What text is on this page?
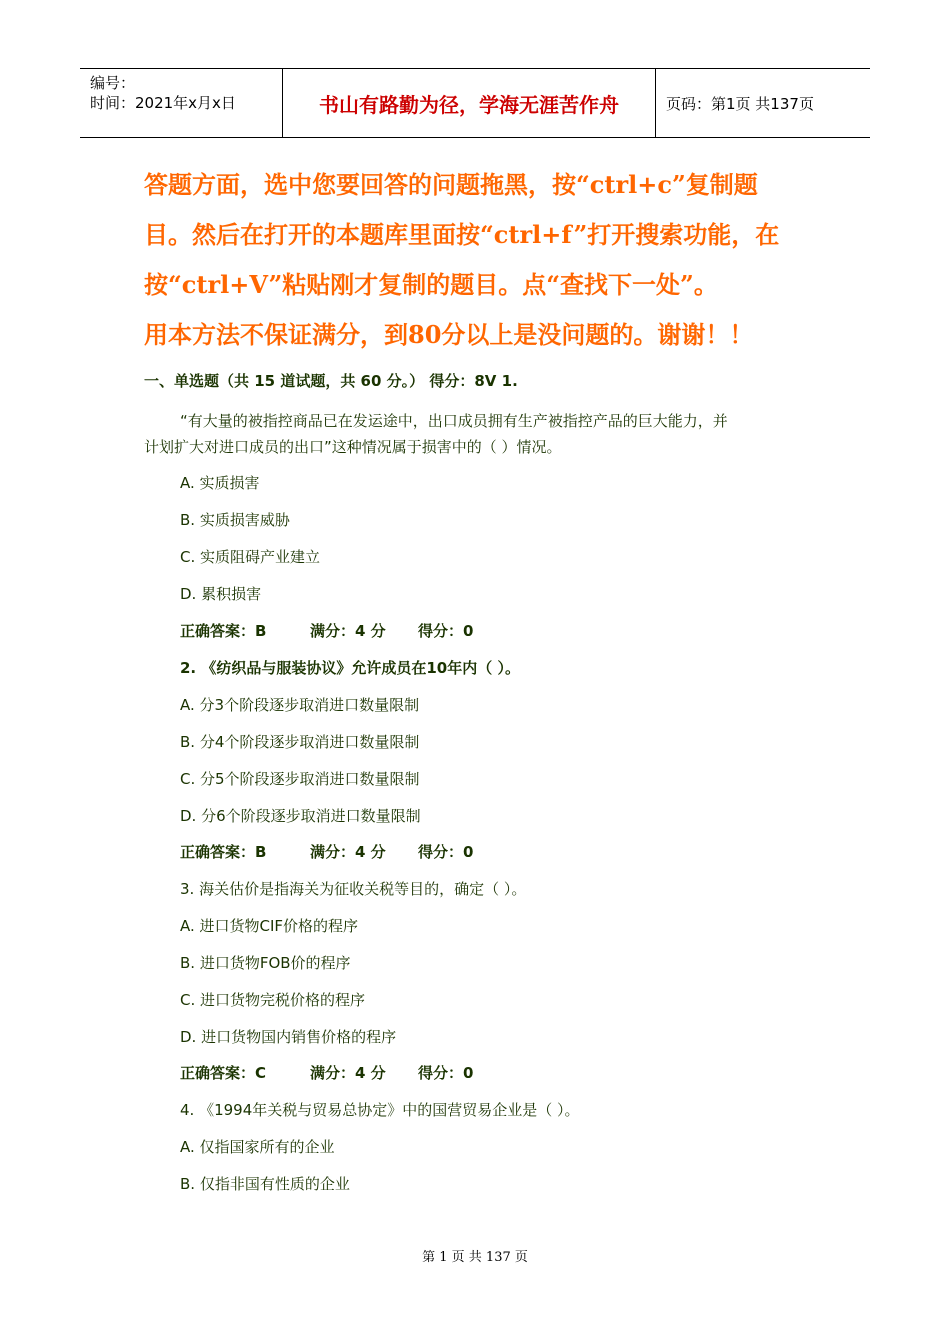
编号：
时间：2021年x月x日	书山有路勤为径，学海无涯苦作舟	页码：第1页 共137页

答题方面，选中您要回答的问题拖黑，按“ctrl+c”复制题

目。然后在打开的本题库里面按“ctrl+f”打开搜索功能，在

按“ctrl+V”粘贴刚才复制的题目。点“查找下一处”。

用本方法不保证满分，到80分以上是没问题的。谢谢！！

一、单选题（共 15 道试题，共 60 分。） 得分：8V 1.
“有大量的被指控商品已在发运途中，出口成员拥有生产被指控产品的巨大能力，并
计划扩大对进口成员的出口”这种情况属于损害中的（ ）情况。
A. 实质损害
B. 实质损害威胁
C. 实质阻碍产业建立
D. 累积损害
正确答案：B	满分：4 分 得分：0
2. 《纺织品与服装协议》允许成员在10年内（ ）。
A. 分3个阶段逐步取消进口数量限制
B. 分4个阶段逐步取消进口数量限制
C. 分5个阶段逐步取消进口数量限制
D. 分6个阶段逐步取消进口数量限制
正确答案：B	满分：4 分 得分：0
3. 海关估价是指海关为征收关税等目的，确定（ ）。
A. 进口货物CIF价格的程序
B. 进口货物FOB价的程序
C. 进口货物完税价格的程序
D. 进口货物国内销售价格的程序
正确答案：C	满分：4 分 得分：0
4. 《1994年关税与贸易总协定》中的国营贸易企业是（ ）。
A. 仅指国家所有的企业
B. 仅指非国有性质的企业
第 1 页 共 137 页
